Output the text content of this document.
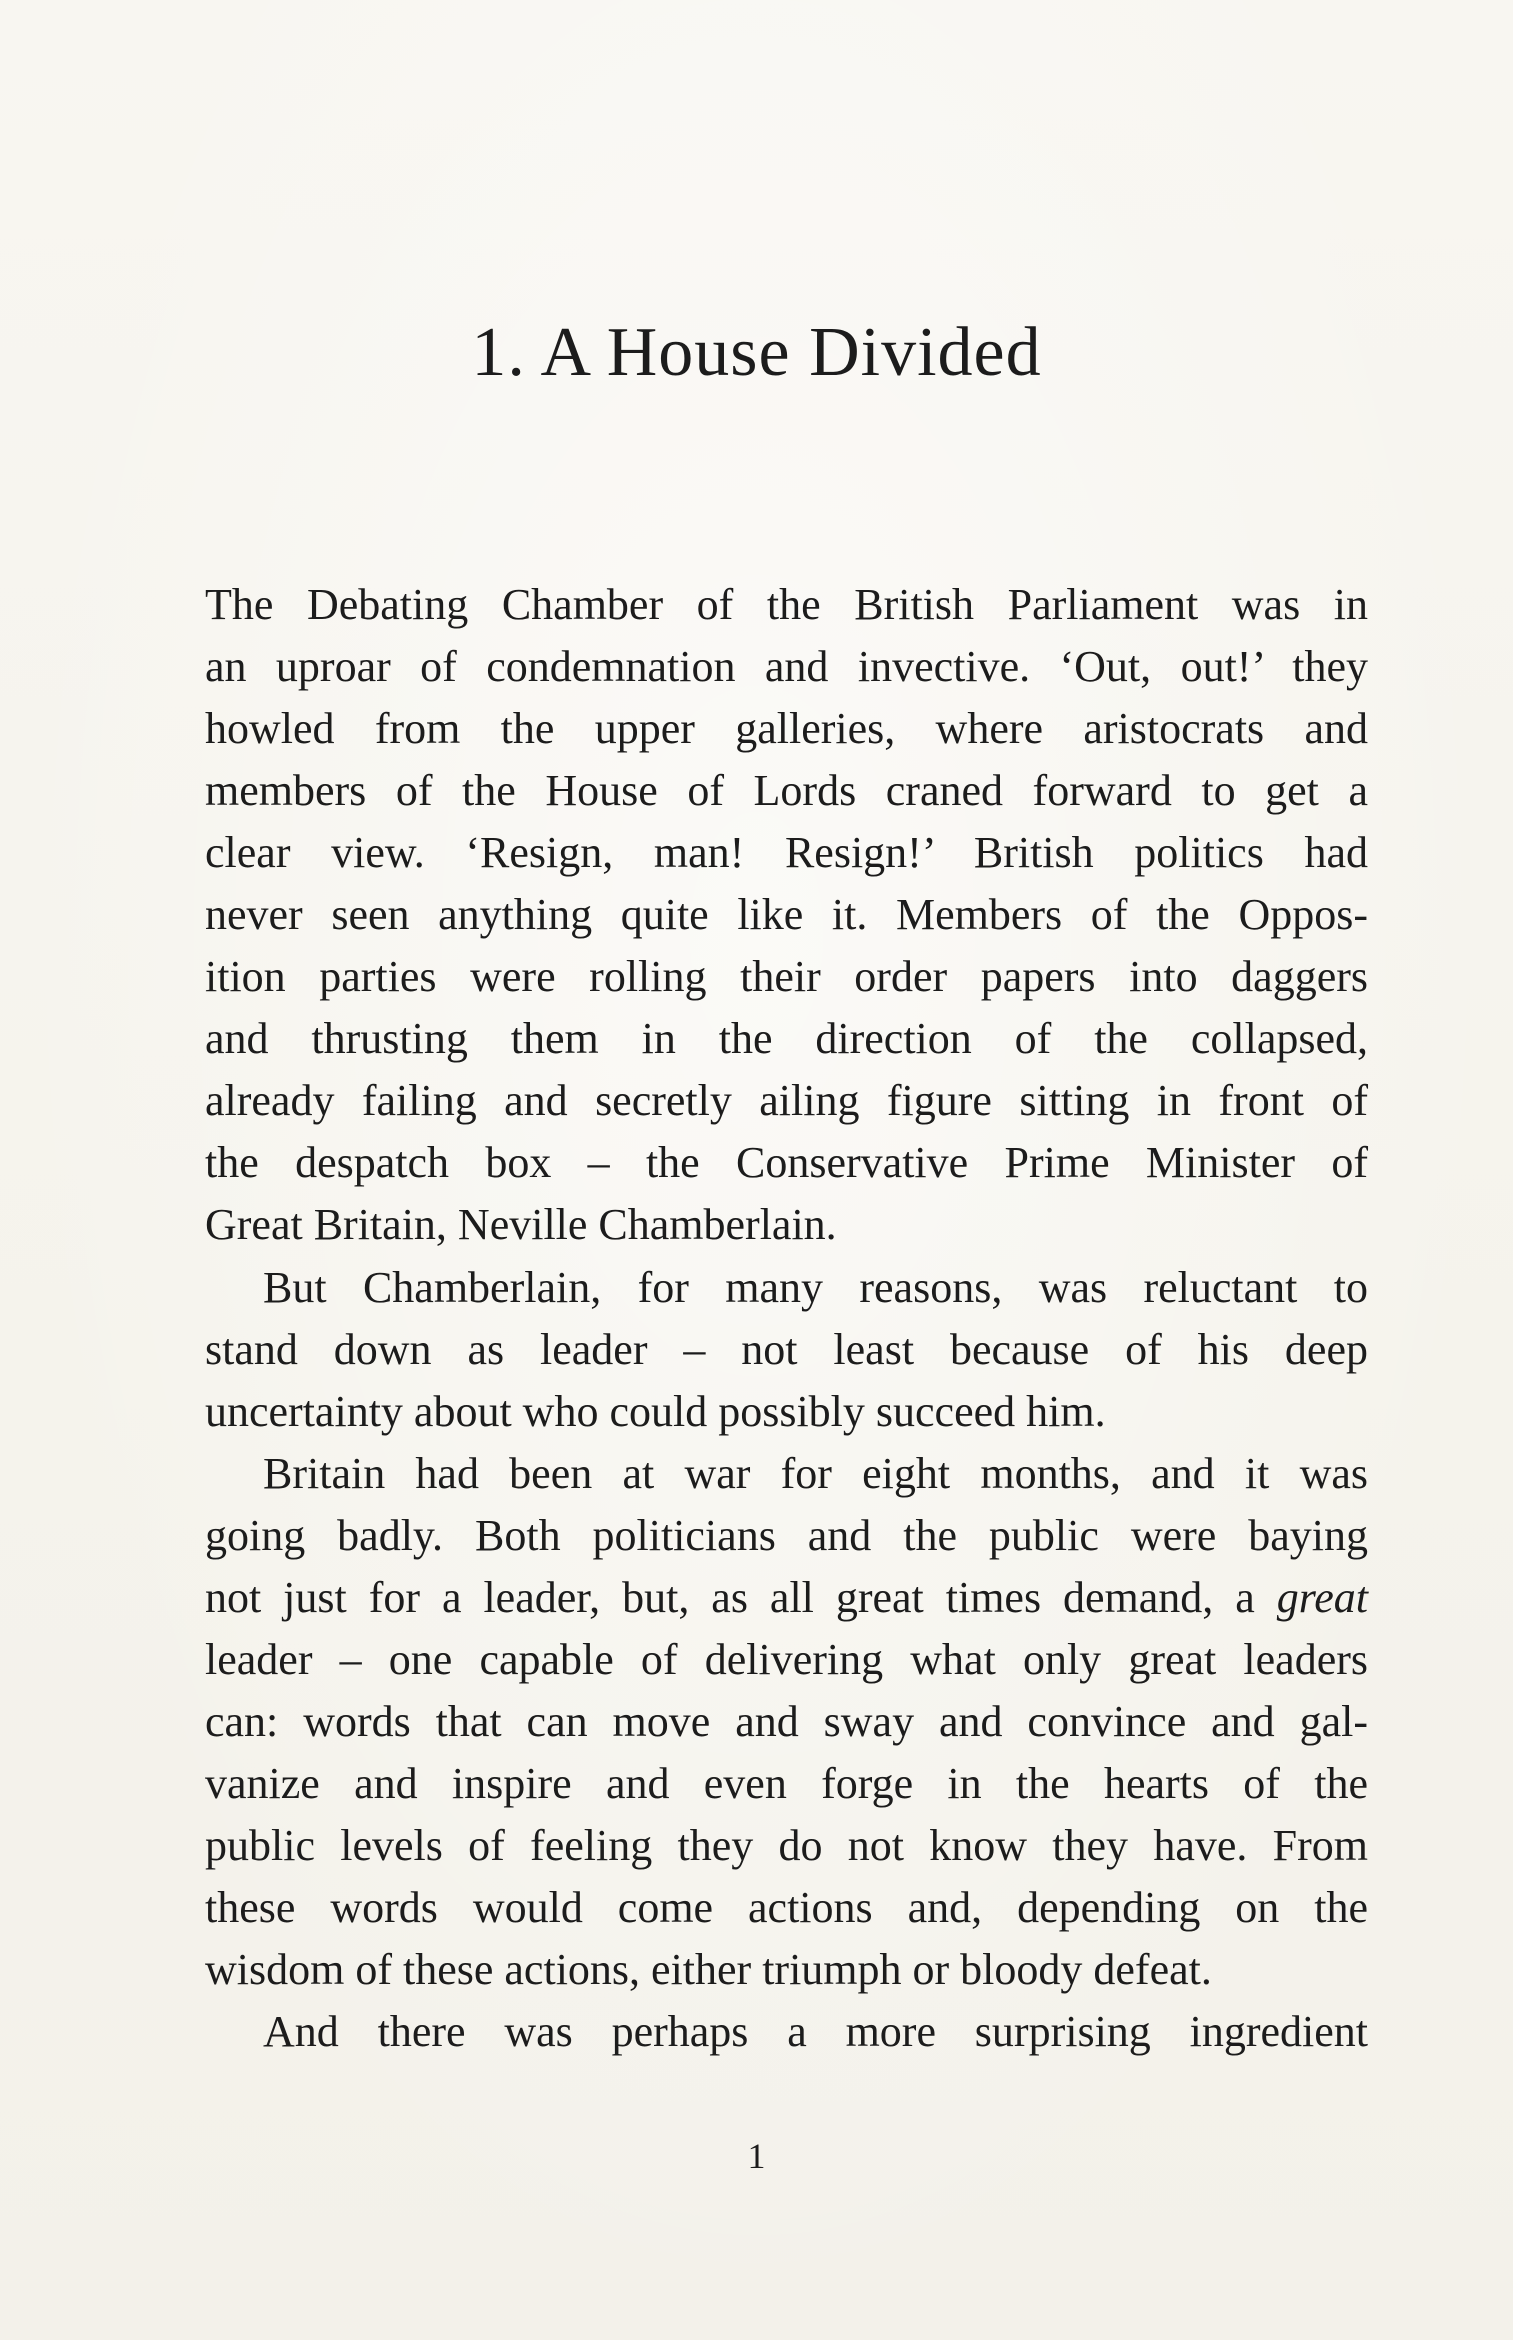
1. A House Divided

The Debating Chamber of the British Parliament was in
an uproar of condemnation and invective. ‘Out, out!’ they
howled from the upper galleries, where aristocrats and
members of the House of Lords craned forward to get a
clear view. ‘Resign, man! Resign!’ British politics had
never seen anything quite like it. Members of the Oppos-
ition parties were rolling their order papers into daggers
and thrusting them in the direction of the collapsed,
already failing and secretly ailing figure sitting in front of
the despatch box – the Conservative Prime Minister of
Great Britain, Neville Chamberlain.

But Chamberlain, for many reasons, was reluctant to
stand down as leader – not least because of his deep
uncertainty about who could possibly succeed him.

Britain had been at war for eight months, and it was
going badly. Both politicians and the public were baying
not just for a leader, but, as all great times demand, a great
leader – one capable of delivering what only great leaders
can: words that can move and sway and convince and gal-
vanize and inspire and even forge in the hearts of the
public levels of feeling they do not know they have. From
these words would come actions and, depending on the
wisdom of these actions, either triumph or bloody defeat.

And there was perhaps a more surprising ingredient

1
